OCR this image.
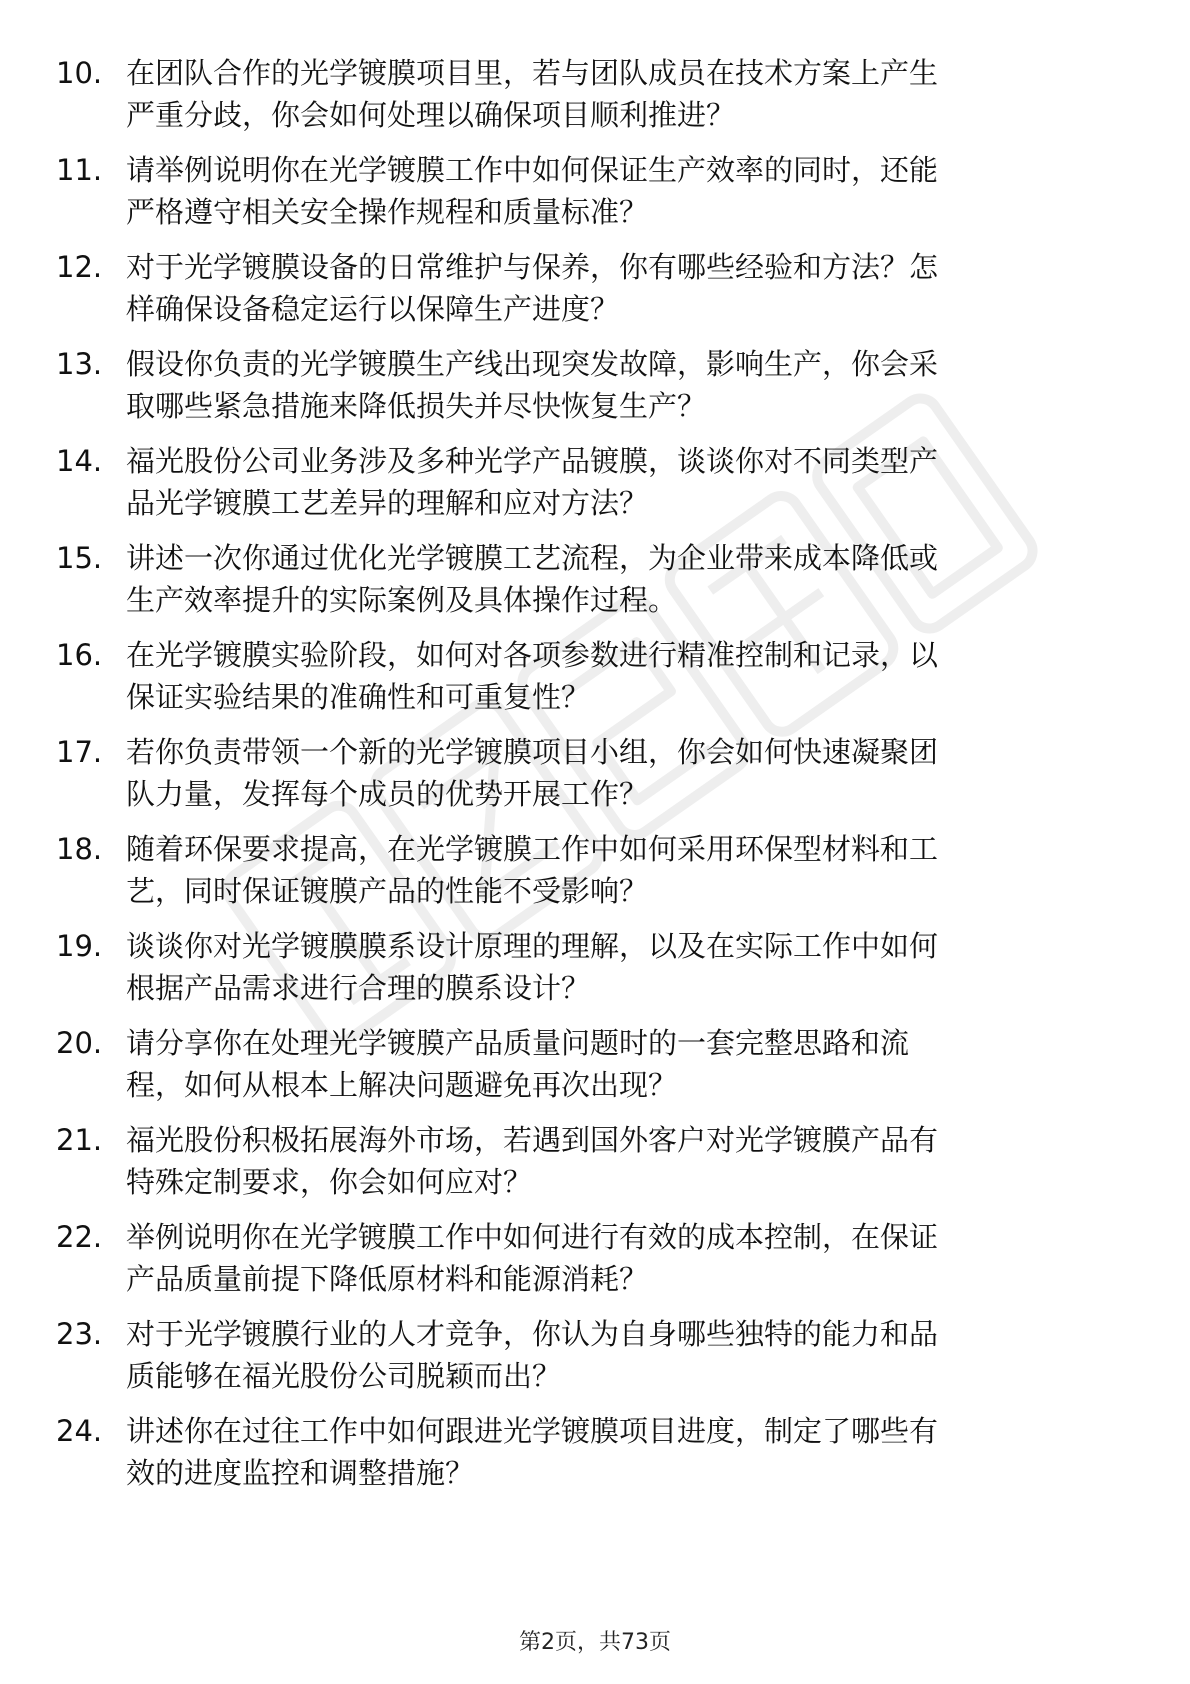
10. 在团队合作的光学镀膜项目里，若与团队成员在技术方案上产生
严重分歧，你会如何处理以确保项目顺利推进？
11. 请举例说明你在光学镀膜工作中如何保证生产效率的同时，还能
严格遵守相关安全操作规程和质量标准？
12. 对于光学镀膜设备的日常维护与保养，你有哪些经验和方法？怎
样确保设备稳定运行以保障生产进度？
13. 假设你负责的光学镀膜生产线出现突发故障，影响生产，你会采
取哪些紧急措施来降低损失并尽快恢复生产？
14. 福光股份公司业务涉及多种光学产品镀膜，谈谈你对不同类型产
品光学镀膜工艺差异的理解和应对方法？
15. 讲述一次你通过优化光学镀膜工艺流程，为企业带来成本降低或
生产效率提升的实际案例及具体操作过程。
16. 在光学镀膜实验阶段，如何对各项参数进行精准控制和记录，以
保证实验结果的准确性和可重复性？
17. 若你负责带领一个新的光学镀膜项目小组，你会如何快速凝聚团
队力量，发挥每个成员的优势开展工作？
18. 随着环保要求提高，在光学镀膜工作中如何采用环保型材料和工
艺，同时保证镀膜产品的性能不受影响？
19. 谈谈你对光学镀膜膜系设计原理的理解，以及在实际工作中如何
根据产品需求进行合理的膜系设计？
20. 请分享你在处理光学镀膜产品质量问题时的一套完整思路和流
程，如何从根本上解决问题避免再次出现？
21. 福光股份积极拓展海外市场，若遇到国外客户对光学镀膜产品有
特殊定制要求，你会如何应对？
22. 举例说明你在光学镀膜工作中如何进行有效的成本控制，在保证
产品质量前提下降低原材料和能源消耗？
23. 对于光学镀膜行业的人才竞争，你认为自身哪些独特的能力和品
质能够在福光股份公司脱颖而出？
24. 讲述你在过往工作中如何跟进光学镀膜项目进度，制定了哪些有
效的进度监控和调整措施？
第2页，共73页
